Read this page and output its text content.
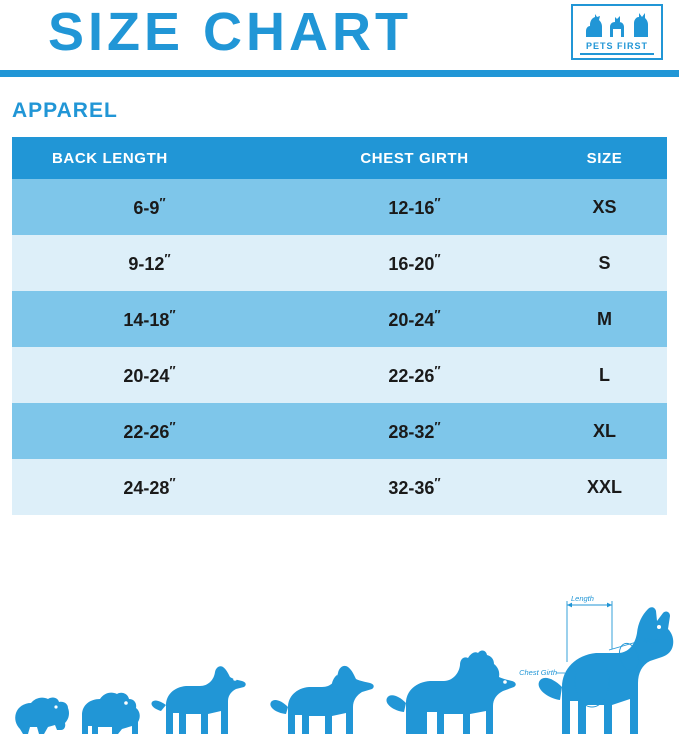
SIZE CHART	PETS FIRST
APPAREL
BACK LENGTH	CHEST GIRTH	SIZE
6-9″	12-16″	XS
9-12″	16-20″	S
14-18″	20-24″	M
20-24″	22-26″	L
22-26″	28-32″	XL
24-28″	32-36″	XXL
Length
Chest Girth
Neck
